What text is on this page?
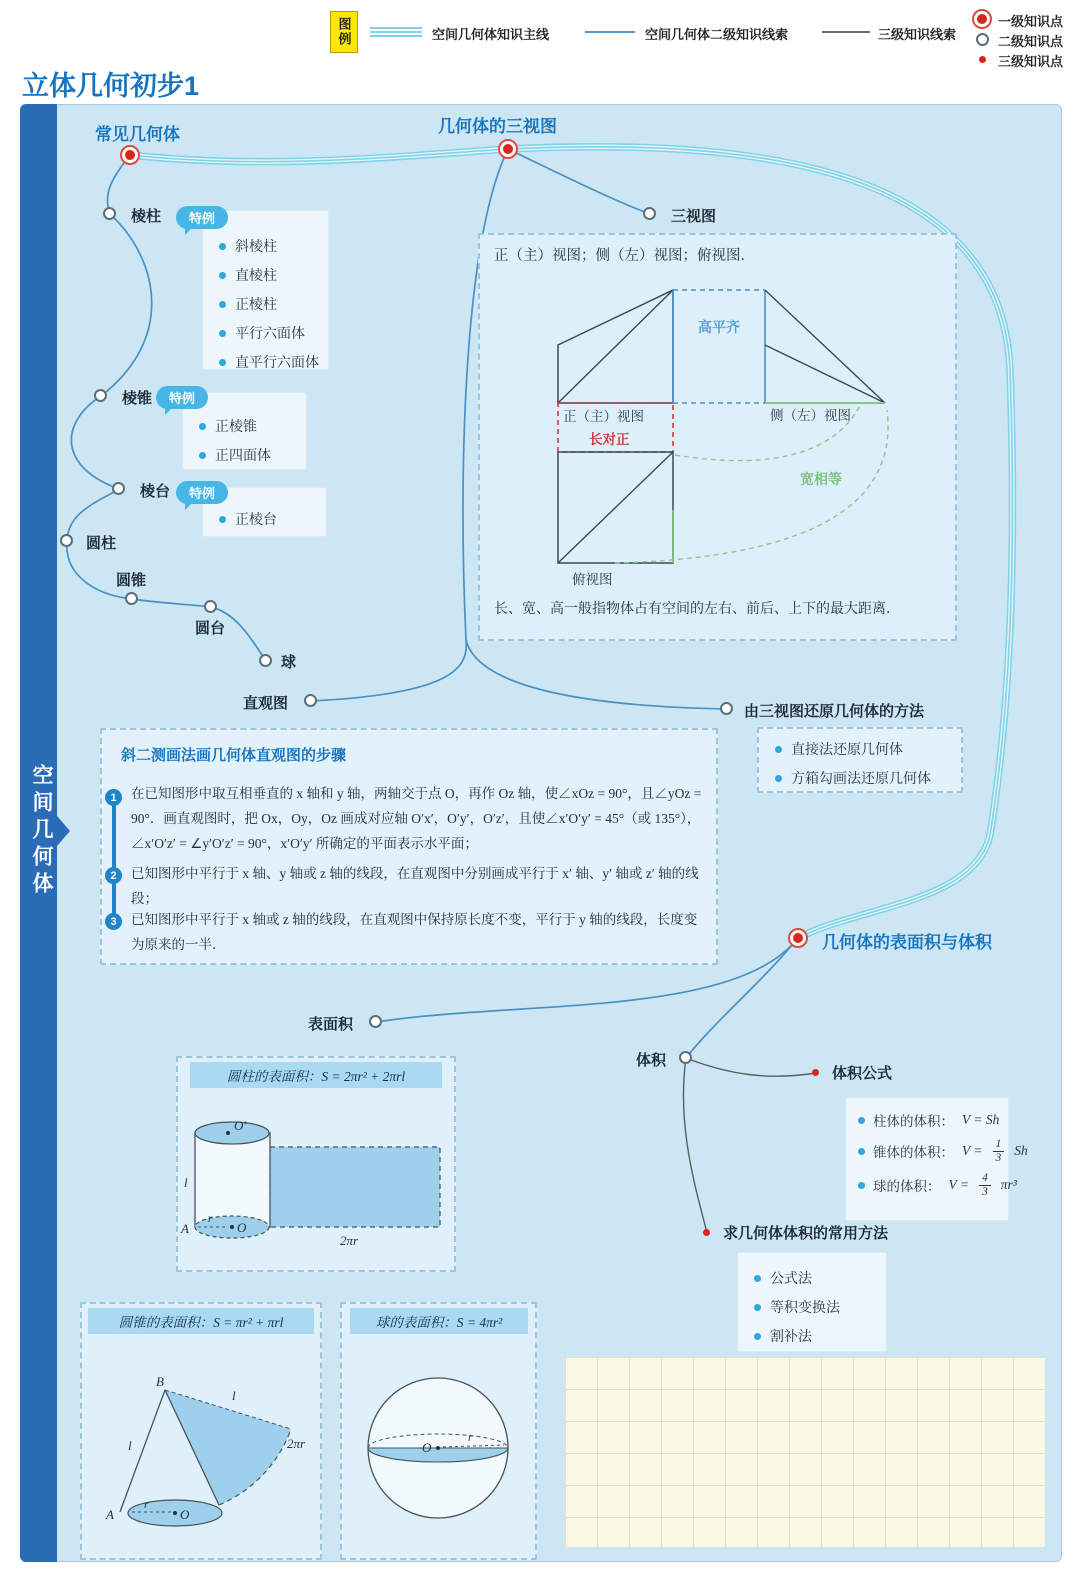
图例	空间几何体知识主线	空间几何体二级知识线索	三级知识线索
一级知识点
二级知识点
三级知识点
立体几何初步1
空间几何体
常见几何体	几何体的三视图
几何体的表面积与体积
棱柱
棱锥
棱台
圆柱
圆锥
圆台
球
斜棱柱
直棱柱
正棱柱
平行六面体
直平行六面体
特例
正棱锥
正四面体
特例
正棱台
特例
三视图
正（主）视图；侧（左）视图；俯视图．
长、宽、高一般指物体占有空间的左右、前后、上下的最大距离．
正（主）视图
长对正
高平齐
宽相等
侧（左）视图
俯视图
直观图	由三视图还原几何体的方法
直接法还原几何体
方箱勾画法还原几何体
斜二测画法画几何体直观图的步骤
1
2
3
在已知图形中取互相垂直的 x 轴和 y 轴，两轴交于点 O，再作 Oz 轴，使∠xOz = 90°，且∠yOz = 90°．画直观图时，把 Ox，Oy，Oz 画成对应轴 O′x′，O′y′，O′z′，且使∠x′O′y′ = 45°（或 135°），∠x′O′z′ = ∠y′O′z′ = 90°，x′O′y′ 所确定的平面表示水平面；
已知图形中平行于 x 轴、y 轴或 z 轴的线段，在直观图中分别画成平行于 x′ 轴、y′ 轴或 z′ 轴的线段；
已知图形中平行于 x 轴或 z 轴的线段，在直观图中保持原长度不变，平行于 y 轴的线段，长度变为原来的一半．
表面积
体积
体积公式
柱体的体积： V = Sh
锥体的体积： $V = \frac{1}{3}$ Sh
球的体积： $V = \frac{4}{3} \pi r^3$
求几何体体积的常用方法
公式法
等积变换法
割补法
圆柱的表面积：S = 2πr² + 2πrl
O′
l
A
r
O
2πr
圆锥的表面积：S = πr² + πrl
B
l
l
2πr
A
r
O
球的表面积：S = 4πr²
O
r
